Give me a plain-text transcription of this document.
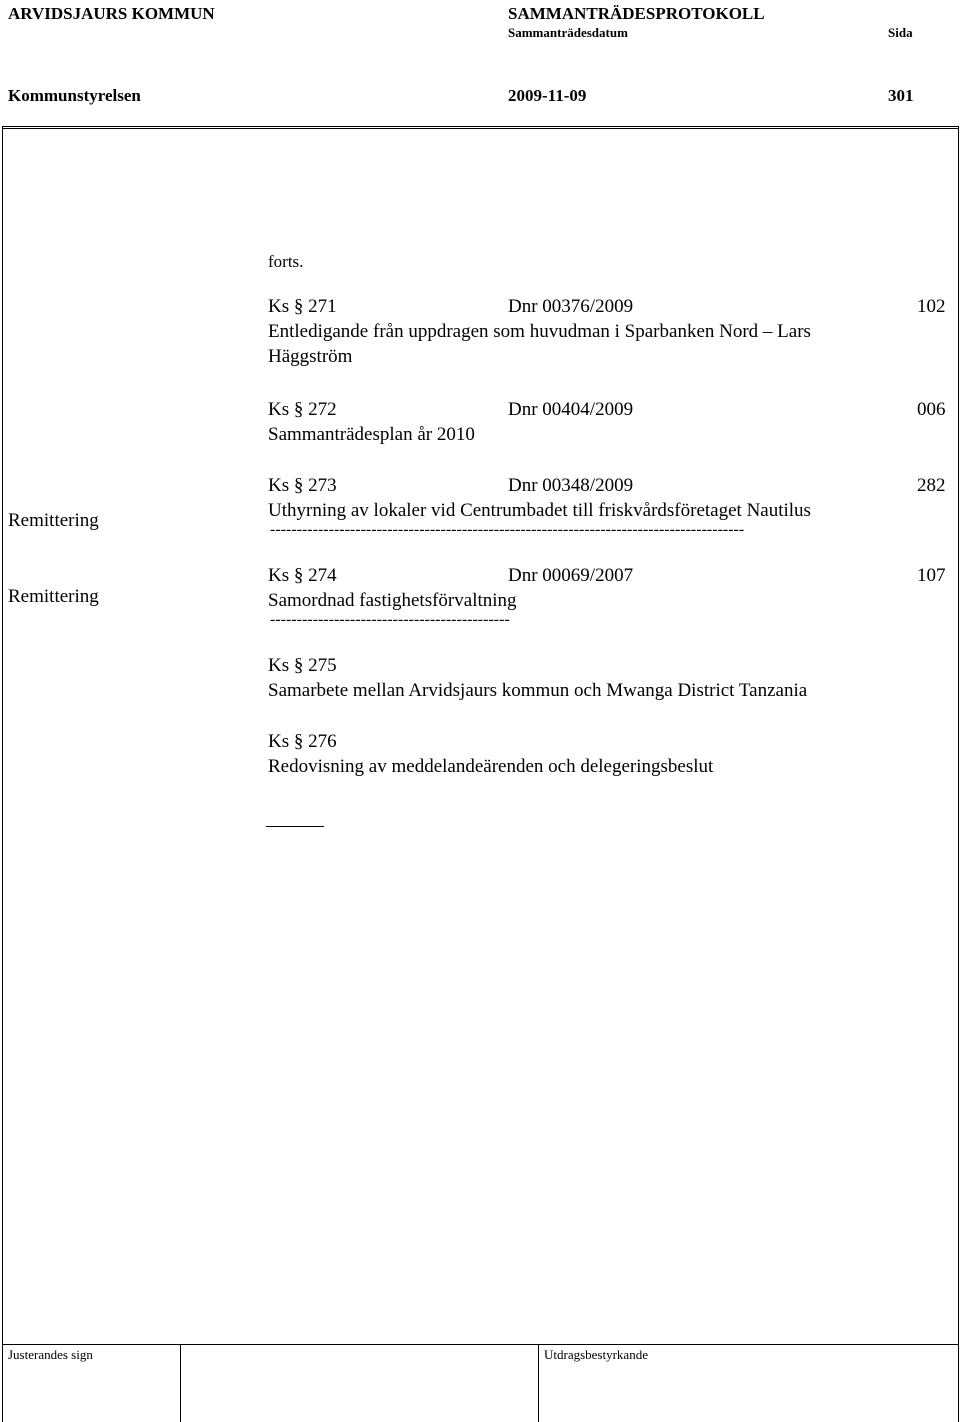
ARVIDSJAURS KOMMUN	SAMMANTRÄDESPROTOKOLL
Sammanträdesdatum	Sida
Kommunstyrelsen	2009-11-09	301
forts.
Ks § 271	Dnr 00376/2009	102
Entledigande från uppdragen som huvudman i Sparbanken Nord – Lars
Häggström
Ks § 272	Dnr 00404/2009	006
Sammanträdesplan år 2010
Remittering
Ks § 273	Dnr 00348/2009	282
Uthyrning av lokaler vid Centrumbadet till friskvårdsföretaget Nautilus
-----------------------------------------------------------------------------------------
Remittering
Ks § 274	Dnr 00069/2007	107
Samordnad fastighetsförvaltning
---------------------------------------------
Ks § 275
Samarbete mellan Arvidsjaurs kommun och Mwanga District Tanzania
Ks § 276
Redovisning av meddelandeärenden och delegeringsbeslut
Justerandes sign	Utdragsbestyrkande
